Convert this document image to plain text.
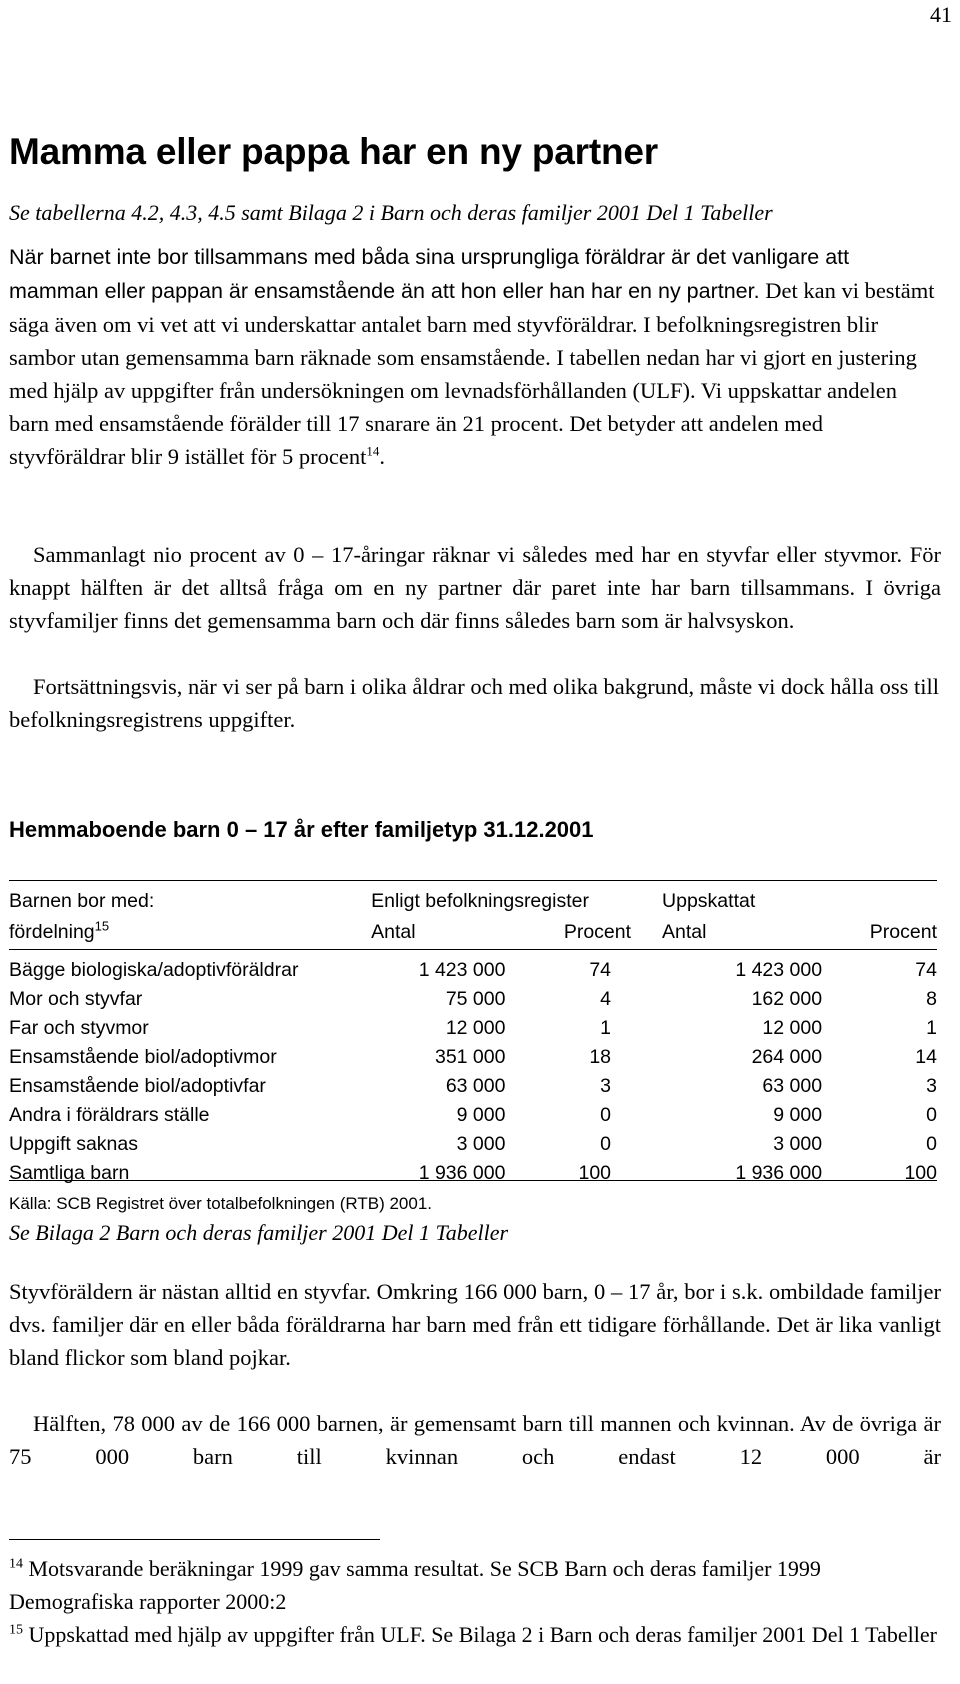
41
Mamma eller pappa har en ny partner
Se tabellerna 4.2, 4.3, 4.5 samt Bilaga 2 i Barn och deras familjer 2001 Del 1 Tabeller

När barnet inte bor tillsammans med båda sina ursprungliga föräldrar är det vanligare att mamman eller pappan är ensamstående än att hon eller han har en ny partner. Det kan vi bestämt säga även om vi vet att vi underskattar antalet barn med styvföräldrar. I befolkningsregistren blir sambor utan gemensamma barn räknade som ensamstående. I tabellen nedan har vi gjort en justering med hjälp av uppgifter från undersökningen om levnadsförhållanden (ULF). Vi uppskattar andelen barn med ensamstående förälder till 17 snarare än 21 procent. Det betyder att andelen med styvföräldrar blir 9 istället för 5 procent$^{14}$.

Sammanlagt nio procent av 0 – 17-åringar räknar vi således med har en styvfar eller styvmor. För knappt hälften är det alltså fråga om en ny partner där paret inte har barn tillsammans. I övriga styvfamiljer finns det gemensamma barn och där finns således barn som är halvsyskon.

Fortsättningsvis, när vi ser på barn i olika åldrar och med olika bakgrund, måste vi dock hålla oss till befolkningsregistrens uppgifter.

Hemmaboende barn 0 – 17 år efter familjetyp 31.12.2001
Barnen bor med:	Enligt befolkningsregister		Uppskattat	
fördelning$^{15}$	Antal	Procent	Antal	Procent
Bägge biologiska/adoptivföräldrar	1 423 000	74	1 423 000	74
Mor och styvfar	75 000	4	162 000	8
Far och styvmor	12 000	1	12 000	1
Ensamstående biol/adoptivmor	351 000	18	264 000	14
Ensamstående biol/adoptivfar	63 000	3	63 000	3
Andra i föräldrars ställe	9 000	0	9 000	0
Uppgift saknas	3 000	0	3 000	0
Samtliga barn	1 936 000	100	1 936 000	100
Källa: SCB Registret över totalbefolkningen (RTB) 2001.
Se Bilaga 2 Barn och deras familjer 2001 Del 1 Tabeller

Styvföräldern är nästan alltid en styvfar. Omkring 166 000 barn, 0 – 17 år, bor i s.k. ombildade familjer dvs. familjer där en eller båda föräldrarna har barn med från ett tidigare förhållande. Det är lika vanligt bland flickor som bland pojkar.

Hälften, 78 000 av de 166 000 barnen, är gemensamt barn till mannen och kvinnan. Av de övriga är 75 000 barn till kvinnan och endast 12 000 är

$^{14}$ Motsvarande beräkningar 1999 gav samma resultat. Se SCB Barn och deras familjer 1999 Demografiska rapporter 2000:2

$^{15}$ Uppskattad med hjälp av uppgifter från ULF. Se Bilaga 2 i Barn och deras familjer 2001 Del 1 Tabeller
